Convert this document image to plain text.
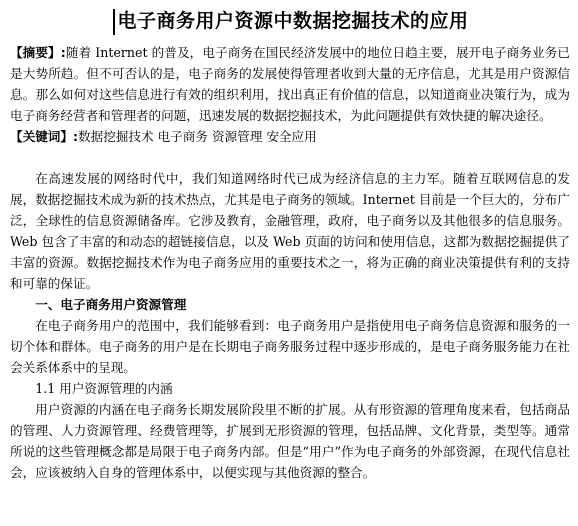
电子商务用户资源中数据挖掘技术的应用

【摘要】:随着 Internet 的普及，电子商务在国民经济发展中的地位日趋主要，展开电子商务业务已是大势所趋。但不可否认的是，电子商务的发展使得管理者收到大量的无序信息，尤其是用户资源信息。那么如何对这些信息进行有效的组织利用，找出真正有价值的信息，以知道商业决策行为，成为电子商务经营者和管理者的问题，迅速发展的数据挖掘技术，为此问题提供有效快捷的解决途径。

【关键词】:数据挖掘技术 电子商务 资源管理 安全应用

在高速发展的网络时代中，我们知道网络时代已成为经济信息的主力军。随着互联网信息的发展，数据挖掘技术成为新的技术热点，尤其是电子商务的领域。Internet 目前是一个巨大的，分布广泛，全球性的信息资源储备库。它涉及教育，金融管理，政府，电子商务以及其他很多的信息服务。Web 包含了丰富的和动态的超链接信息，以及 Web 页面的访问和使用信息，这都为数据挖掘提供了丰富的资源。数据挖掘技术作为电子商务应用的重要技术之一，将为正确的商业决策提供有利的支持和可靠的保证。

一、电子商务用户资源管理

在电子商务用户的范围中，我们能够看到：电子商务用户是指使用电子商务信息资源和服务的一切个体和群体。电子商务的用户是在长期电子商务服务过程中逐步形成的，是电子商务服务能力在社会关系体系中的呈现。

1.1 用户资源管理的内涵

用户资源的内涵在电子商务长期发展阶段里不断的扩展。从有形资源的管理角度来看，包括商品的管理、人力资源管理、经费管理等，扩展到无形资源的管理，包括品牌、文化背景，类型等。通常所说的这些管理概念都是局限于电子商务内部。但是“用户”作为电子商务的外部资源，在现代信息社会，应该被纳入自身的管理体系中，以便实现与其他资源的整合。
